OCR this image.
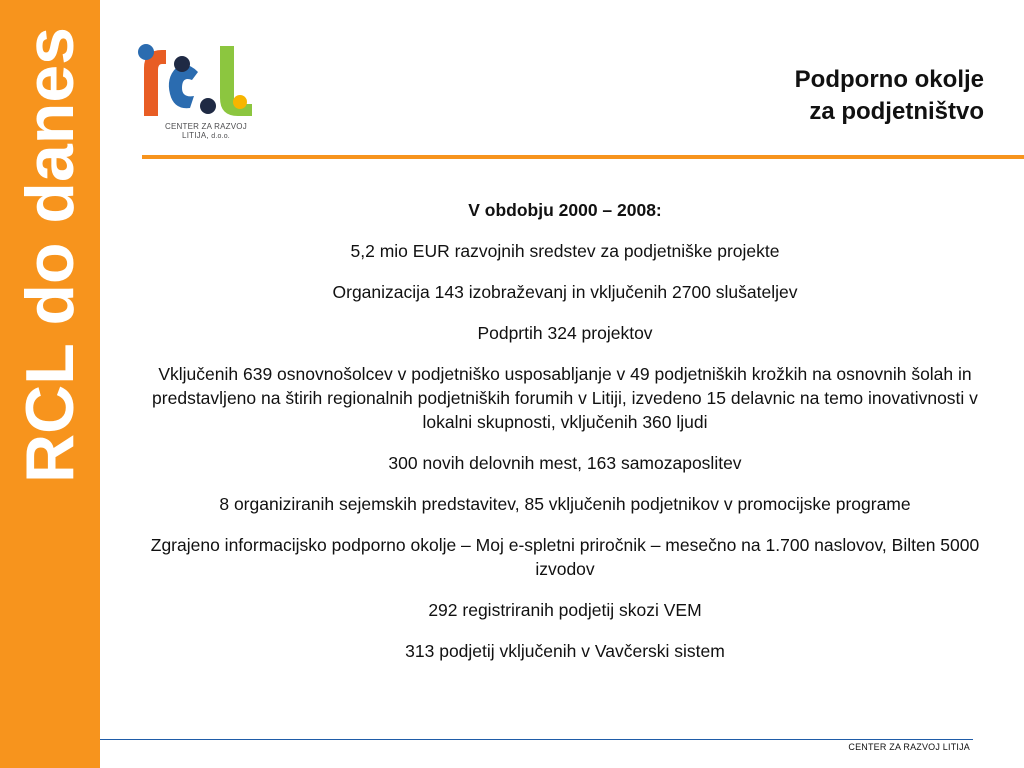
RCL do danes	CENTER ZA RAZVOJ
LITIJA, d.o.o.
Podporno okolje
za podjetništvo

V obdobju 2000 – 2008:

5,2 mio EUR razvojnih sredstev za podjetniške projekte

Organizacija 143 izobraževanj in vključenih 2700 slušateljev

Podprtih 324 projektov

Vključenih 639 osnovnošolcev v podjetniško usposabljanje v 49 podjetniških krožkih na osnovnih šolah in predstavljeno na štirih regionalnih podjetniških forumih v Litiji, izvedeno 15 delavnic na temo inovativnosti v lokalni skupnosti, vključenih 360 ljudi

300 novih delovnih mest, 163 samozaposlitev

8 organiziranih sejemskih predstavitev, 85 vključenih podjetnikov v promocijske programe

Zgrajeno informacijsko podporno okolje – Moj e-spletni priročnik – mesečno na 1.700 naslovov, Bilten 5000 izvodov

292 registriranih podjetij skozi VEM

313 podjetij vključenih v Vavčerski sistem

CENTER ZA RAZVOJ LITIJA
